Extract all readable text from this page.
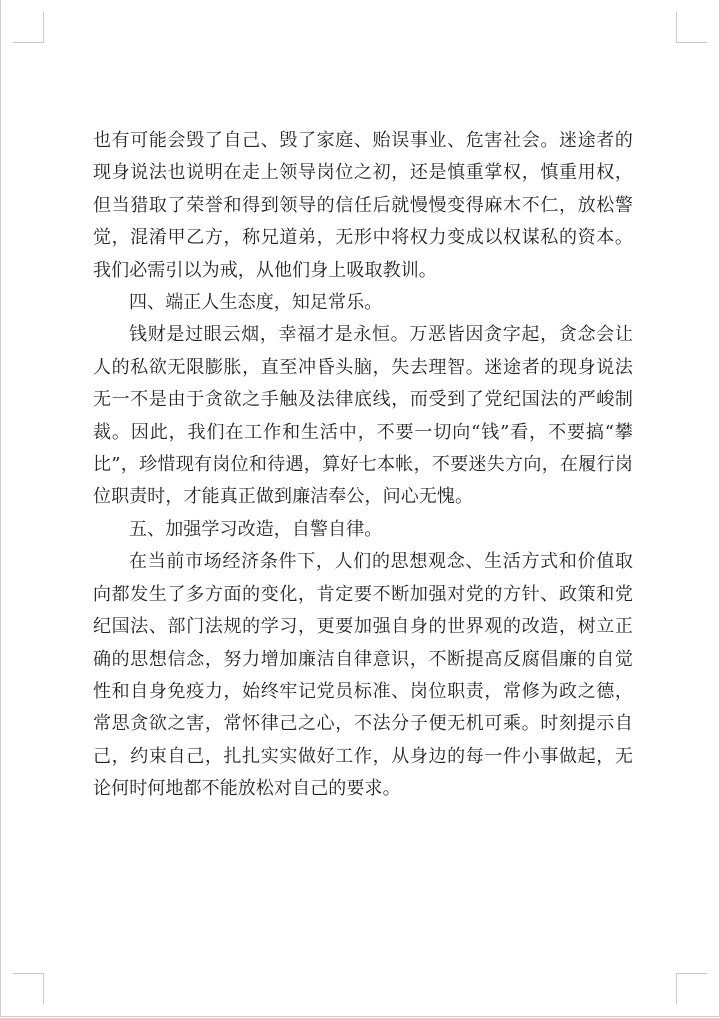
也有可能会毁了自己、毁了家庭、贻误事业、危害社会。迷途者的现身说法也说明在走上领导岗位之初，还是慎重掌权，慎重用权，但当猎取了荣誉和得到领导的信任后就慢慢变得麻木不仁，放松警觉，混淆甲乙方，称兄道弟，无形中将权力变成以权谋私的资本。我们必需引以为戒，从他们身上吸取教训。

四、端正人生态度，知足常乐。

钱财是过眼云烟，幸福才是永恒。万恶皆因贪字起，贪念会让人的私欲无限膨胀，直至冲昏头脑，失去理智。迷途者的现身说法无一不是由于贪欲之手触及法律底线，而受到了党纪国法的严峻制裁。因此，我们在工作和生活中，不要一切向“钱”看，不要搞“攀比”，珍惜现有岗位和待遇，算好七本帐，不要迷失方向，在履行岗位职责时，才能真正做到廉洁奉公，问心无愧。

五、加强学习改造，自警自律。

在当前市场经济条件下，人们的思想观念、生活方式和价值取向都发生了多方面的变化，肯定要不断加强对党的方针、政策和党纪国法、部门法规的学习，更要加强自身的世界观的改造，树立正确的思想信念，努力增加廉洁自律意识，不断提高反腐倡廉的自觉性和自身免疫力，始终牢记党员标准、岗位职责，常修为政之德，常思贪欲之害，常怀律己之心，不法分子便无机可乘。时刻提示自己，约束自己，扎扎实实做好工作，从身边的每一件小事做起，无论何时何地都不能放松对自己的要求。
